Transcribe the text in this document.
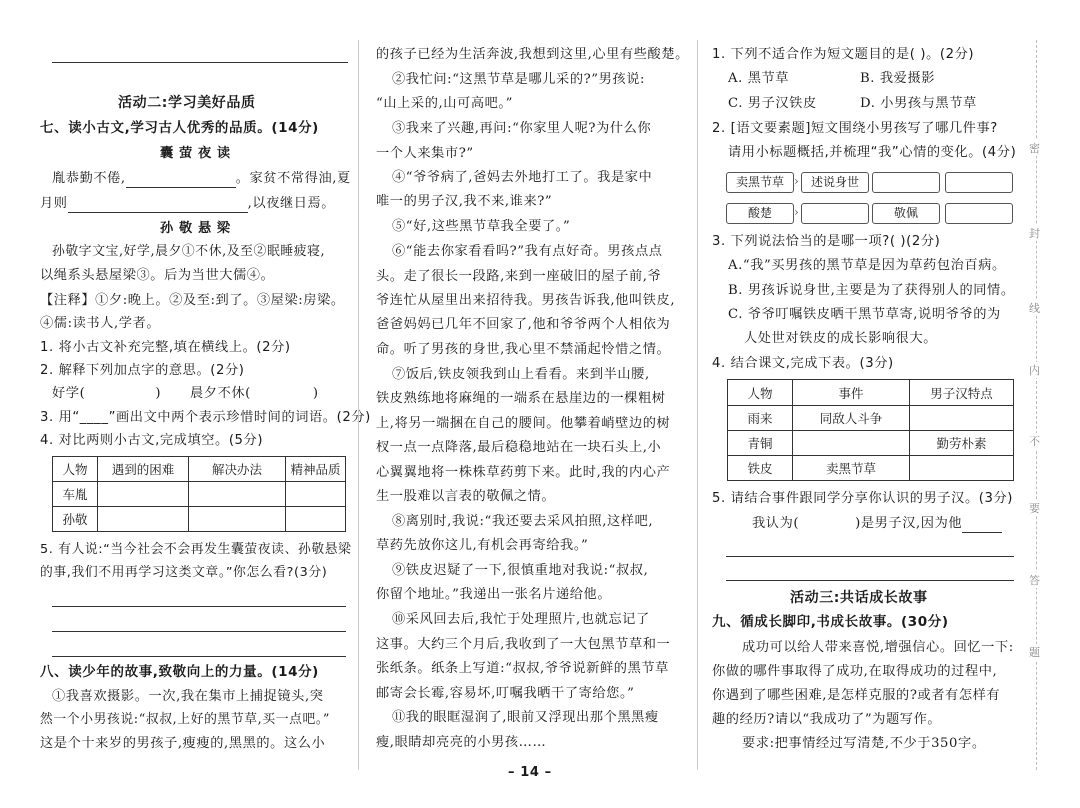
活动二:学习美好品质
七、读小古文,学习古人优秀的品质。(14分)
囊 萤 夜 读
胤恭勤不倦,	。家贫不常得油,夏
月则	,以夜继日焉。
孙 敬 悬 梁
孙敬字文宝,好学,晨夕①不休,及至②眠睡疲寝,
以绳系头悬屋梁③。后为当世大儒④。
【注释】①夕:晚上。②及至:到了。③屋梁:房梁。
④儒:读书人,学者。
1. 将小古文补充完整,填在横线上。(2分)
2. 解释下列加点字的意思。(2分)
好学(	) 晨夕不休(	)
3. 用“____”画出文中两个表示珍惜时间的词语。(2分)
4. 对比两则小古文,完成填空。(5分)
人物	遇到的困难	解决办法	精神品质
车胤			
孙敬			
5. 有人说:“当今社会不会再发生囊萤夜读、孙敬悬梁
的事,我们不用再学习这类文章。”你怎么看?(3分)
八、读少年的故事,致敬向上的力量。(14分)
①我喜欢摄影。一次,我在集市上捕捉镜头,突
然一个小男孩说:“叔叔,上好的黑节草,买一点吧。”
这是个十来岁的男孩子,瘦瘦的,黑黑的。这么小
的孩子已经为生活奔波,我想到这里,心里有些酸楚。
②我忙问:“这黑节草是哪儿采的?”男孩说:
“山上采的,山可高吧。”
③我来了兴趣,再问:“你家里人呢?为什么你
一个人来集市?”
④“爷爷病了,爸妈去外地打工了。我是家中
唯一的男子汉,我不来,谁来?”
⑤“好,这些黑节草我全要了。”
⑥“能去你家看看吗?”我有点好奇。男孩点点
头。走了很长一段路,来到一座破旧的屋子前,爷
爷连忙从屋里出来招待我。男孩告诉我,他叫铁皮,
爸爸妈妈已几年不回家了,他和爷爷两个人相依为
命。听了男孩的身世,我心里不禁涌起怜惜之情。
⑦饭后,铁皮领我到山上看看。来到半山腰,
铁皮熟练地将麻绳的一端系在悬崖边的一棵粗树
上,将另一端捆在自己的腰间。他攀着峭壁边的树
杈一点一点降落,最后稳稳地站在一块石头上,小
心翼翼地将一株株草药剪下来。此时,我的内心产
生一股难以言表的敬佩之情。
⑧离别时,我说:“我还要去采风拍照,这样吧,
草药先放你这儿,有机会再寄给我。”
⑨铁皮迟疑了一下,很慎重地对我说:“叔叔,
你留个地址。”我递出一张名片递给他。
⑩采风回去后,我忙于处理照片,也就忘记了
这事。大约三个月后,我收到了一大包黑节草和一
张纸条。纸条上写道:“叔叔,爷爷说新鲜的黑节草
邮寄会长霉,容易坏,叮嘱我晒干了寄给您。”
⑪我的眼眶湿润了,眼前又浮现出那个黑黑瘦
瘦,眼睛却亮亮的小男孩……
– 14 –
1. 下列不适合作为短文题目的是( )。(2分)
A. 黑节草	B. 我爱摄影
C. 男子汉铁皮	D. 小男孩与黑节草
2. [语文要素题]短文围绕小男孩写了哪几件事?
请用小标题概括,并梳理“我”心情的变化。(4分)
卖黑节草 ›	述说身世
酸楚	›	敬佩
3. 下列说法恰当的是哪一项?( )(2分)
A.“我”买男孩的黑节草是因为草药包治百病。
B. 男孩诉说身世,主要是为了获得别人的同情。
C. 爷爷叮嘱铁皮晒干黑节草寄,说明爷爷的为
人处世对铁皮的成长影响很大。
4. 结合课文,完成下表。(3分)
人物	事件	男子汉特点
雨来	同敌人斗争	
青铜		勤劳朴素
铁皮	卖黑节草	
5. 请结合事件跟同学分享你认识的男子汉。(3分)
我认为(	)是男子汉,因为他
活动三:共话成长故事
九、循成长脚印,书成长故事。(30分)
成功可以给人带来喜悦,增强信心。回忆一下:
你做的哪件事取得了成功,在取得成功的过程中,
你遇到了哪些困难,是怎样克服的?或者有怎样有
趣的经历?请以“我成功了”为题写作。
要求:把事情经过写清楚,不少于350字。
密
封
线
内
不
要
答
题
